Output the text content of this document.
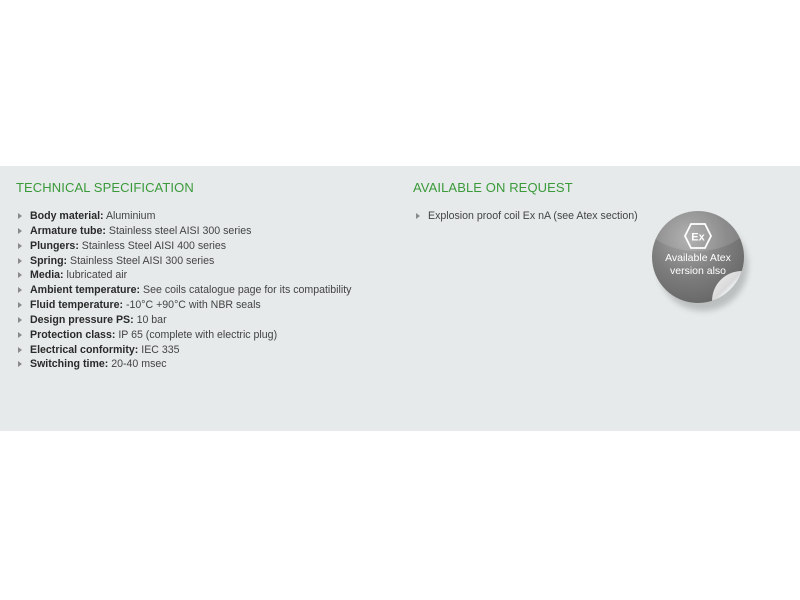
TECHNICAL SPECIFICATION	AVAILABLE ON REQUEST
Body material: Aluminium
Armature tube: Stainless steel AISI 300 series
Plungers: Stainless Steel AISI 400 series
Spring: Stainless Steel AISI 300 series
Media: lubricated air
Ambient temperature: See coils catalogue page for its compatibility
Fluid temperature: -10°C +90°C with NBR seals
Design pressure PS: 10 bar
Protection class: IP 65 (complete with electric plug)
Electrical conformity: IEC 335
Switching time: 20-40 msec
Explosion proof coil Ex nA (see Atex section)
Ex
Available Atex
version also
